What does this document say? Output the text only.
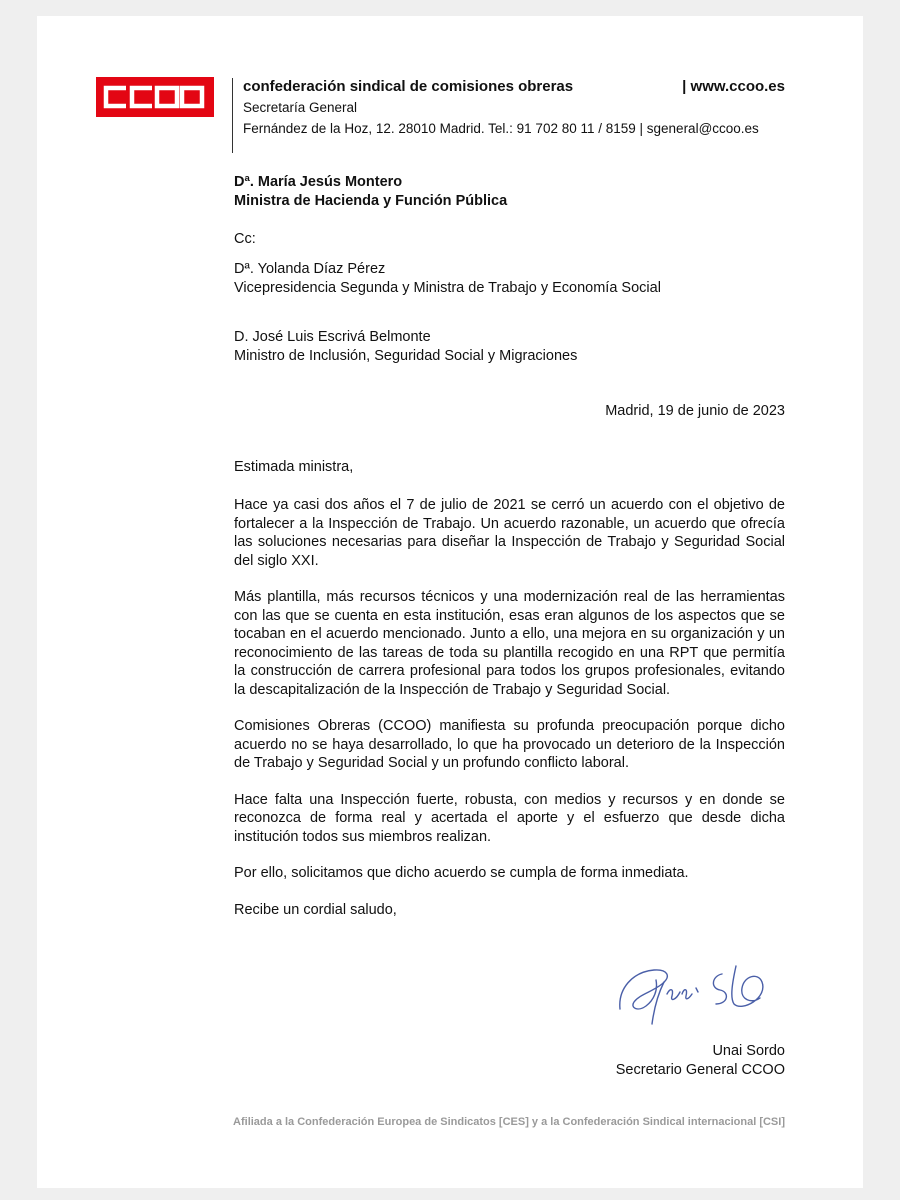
confederación sindical de comisiones obreras	| www.ccoo.es
Secretaría General
Fernández de la Hoz, 12. 28010 Madrid. Tel.: 91 702 80 11 / 8159 | sgeneral@ccoo.es
Dª. María Jesús Montero
Ministra de Hacienda y Función Pública
Cc:
Dª. Yolanda Díaz Pérez
Vicepresidencia Segunda y Ministra de Trabajo y Economía Social
D. José Luis Escrivá Belmonte
Ministro de Inclusión, Seguridad Social y Migraciones
Madrid, 19 de junio de 2023
Estimada ministra,

Hace ya casi dos años el 7 de julio de 2021 se cerró un acuerdo con el objetivo de fortalecer a la Inspección de Trabajo. Un acuerdo razonable, un acuerdo que ofrecía las soluciones necesarias para diseñar la Inspección de Trabajo y Seguridad Social del siglo XXI.

Más plantilla, más recursos técnicos y una modernización real de las herramientas con las que se cuenta en esta institución, esas eran algunos de los aspectos que se tocaban en el acuerdo mencionado. Junto a ello, una mejora en su organización y un reconocimiento de las tareas de toda su plantilla recogido en una RPT que permitía la construcción de carrera profesional para todos los grupos profesionales, evitando la descapitalización de la Inspección de Trabajo y Seguridad Social.

Comisiones Obreras (CCOO) manifiesta su profunda preocupación porque dicho acuerdo no se haya desarrollado, lo que ha provocado un deterioro de la Inspección de Trabajo y Seguridad Social y un profundo conflicto laboral.

Hace falta una Inspección fuerte, robusta, con medios y recursos y en donde se reconozca de forma real y acertada el aporte y el esfuerzo que desde dicha institución todos sus miembros realizan.

Por ello, solicitamos que dicho acuerdo se cumpla de forma inmediata.

Recibe un cordial saludo,

Unai Sordo
Secretario General CCOO
Afiliada a la Confederación Europea de Sindicatos [CES] y a la Confederación Sindical internacional [CSI]
